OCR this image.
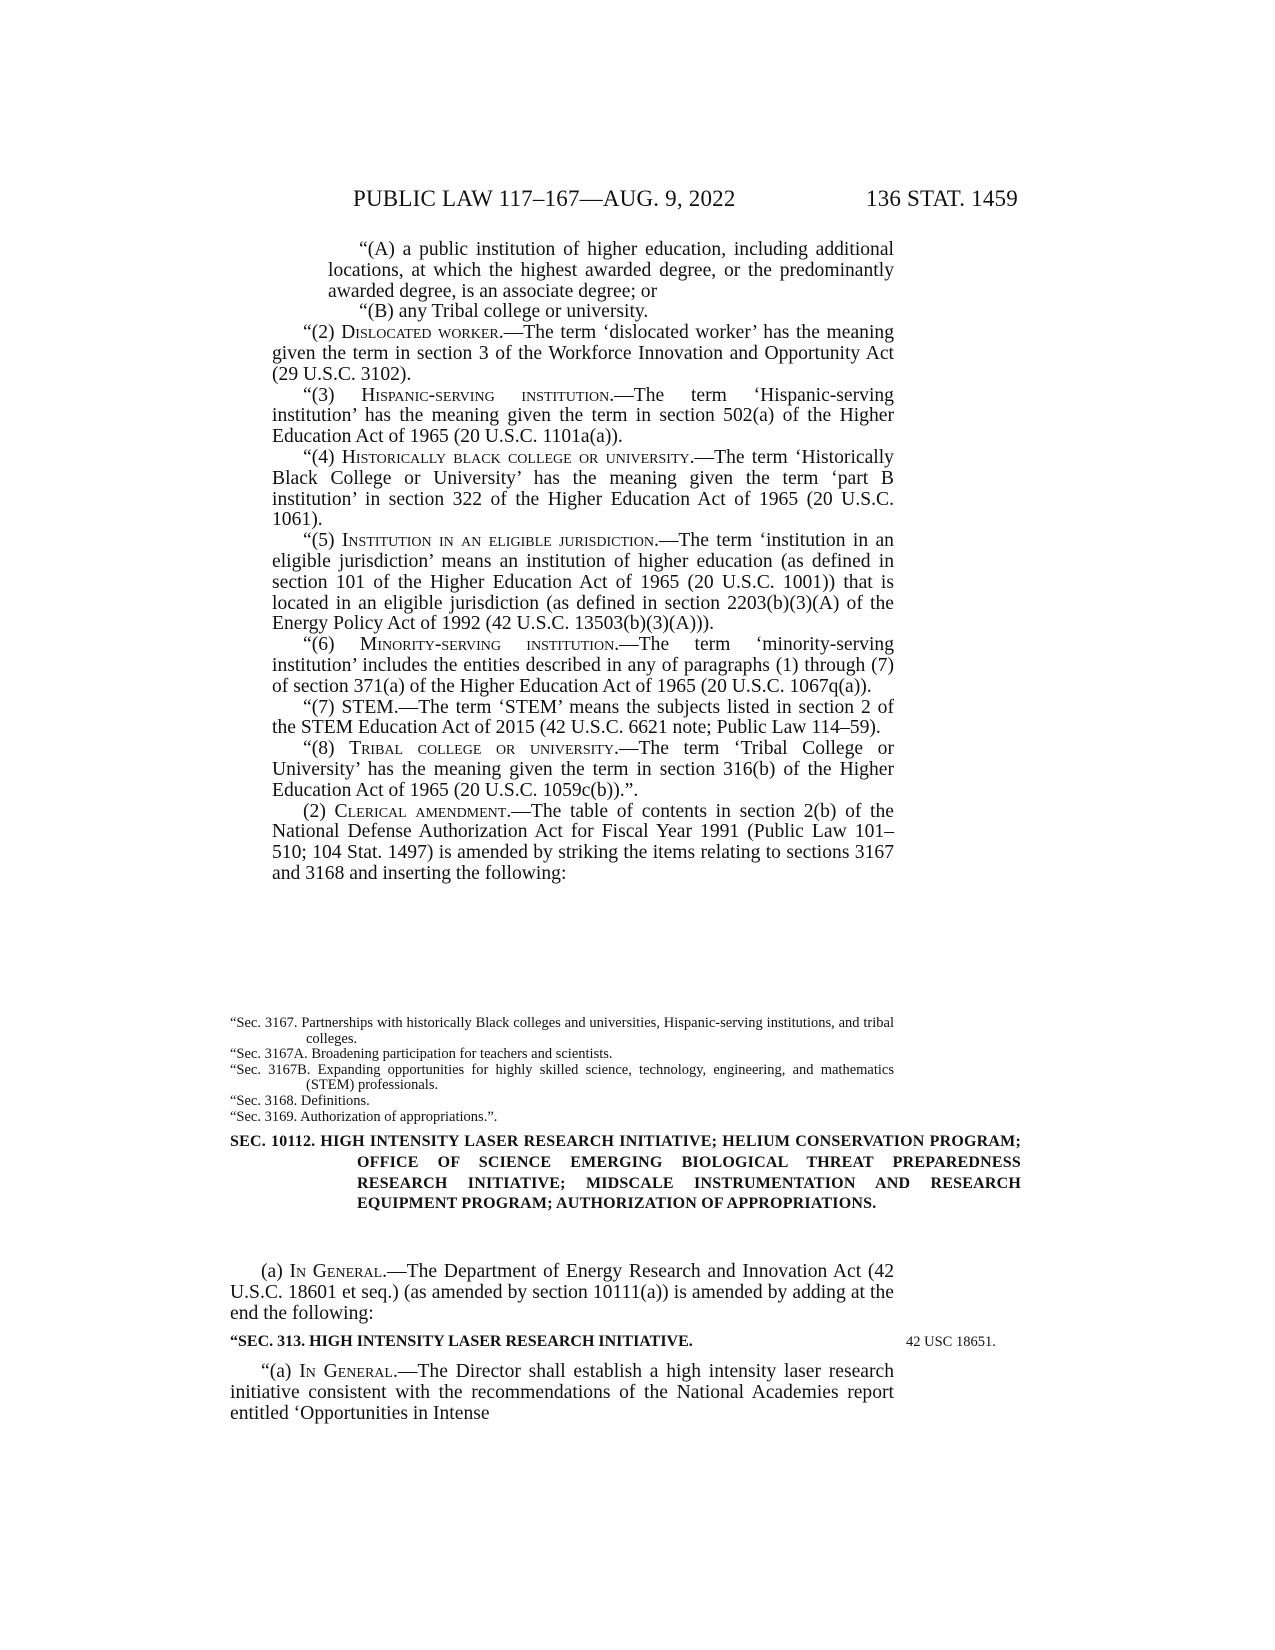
PUBLIC LAW 117–167—AUG. 9, 2022	136 STAT. 1459

“(A) a public institution of higher education, including additional locations, at which the highest awarded degree, or the predominantly awarded degree, is an associate degree; or

“(B) any Tribal college or university.

“(2) Dislocated worker.—The term ‘dislocated worker’ has the meaning given the term in section 3 of the Workforce Innovation and Opportunity Act (29 U.S.C. 3102).

“(3) Hispanic-serving institution.—The term ‘Hispanic-serving institution’ has the meaning given the term in section 502(a) of the Higher Education Act of 1965 (20 U.S.C. 1101a(a)).

“(4) Historically black college or university.—The term ‘Historically Black College or University’ has the meaning given the term ‘part B institution’ in section 322 of the Higher Education Act of 1965 (20 U.S.C. 1061).

“(5) Institution in an eligible jurisdiction.—The term ‘institution in an eligible jurisdiction’ means an institution of higher education (as defined in section 101 of the Higher Education Act of 1965 (20 U.S.C. 1001)) that is located in an eligible jurisdiction (as defined in section 2203(b)(3)(A) of the Energy Policy Act of 1992 (42 U.S.C. 13503(b)(3)(A))).

“(6) Minority-serving institution.—The term ‘minority-serving institution’ includes the entities described in any of paragraphs (1) through (7) of section 371(a) of the Higher Education Act of 1965 (20 U.S.C. 1067q(a)).

“(7) STEM.—The term ‘STEM’ means the subjects listed in section 2 of the STEM Education Act of 2015 (42 U.S.C. 6621 note; Public Law 114–59).

“(8) Tribal college or university.—The term ‘Tribal College or University’ has the meaning given the term in section 316(b) of the Higher Education Act of 1965 (20 U.S.C. 1059c(b)).”.

(2) Clerical amendment.—The table of contents in section 2(b) of the National Defense Authorization Act for Fiscal Year 1991 (Public Law 101–510; 104 Stat. 1497) is amended by striking the items relating to sections 3167 and 3168 and inserting the following:

“Sec. 3167. Partnerships with historically Black colleges and universities, Hispanic-serving institutions, and tribal colleges.
“Sec. 3167A. Broadening participation for teachers and scientists.
“Sec. 3167B. Expanding opportunities for highly skilled science, technology, engineering, and mathematics (STEM) professionals.
“Sec. 3168. Definitions.
“Sec. 3169. Authorization of appropriations.”.
SEC. 10112. HIGH INTENSITY LASER RESEARCH INITIATIVE; HELIUM CONSERVATION PROGRAM; OFFICE OF SCIENCE EMERGING BIOLOGICAL THREAT PREPAREDNESS RESEARCH INITIATIVE; MIDSCALE INSTRUMENTATION AND RESEARCH EQUIPMENT PROGRAM; AUTHORIZATION OF APPROPRIATIONS.

(a) In General.—The Department of Energy Research and Innovation Act (42 U.S.C. 18601 et seq.) (as amended by section 10111(a)) is amended by adding at the end the following:

“SEC. 313. HIGH INTENSITY LASER RESEARCH INITIATIVE.	42 USC 18651.

“(a) In General.—The Director shall establish a high intensity laser research initiative consistent with the recommendations of the National Academies report entitled ‘Opportunities in Intense
